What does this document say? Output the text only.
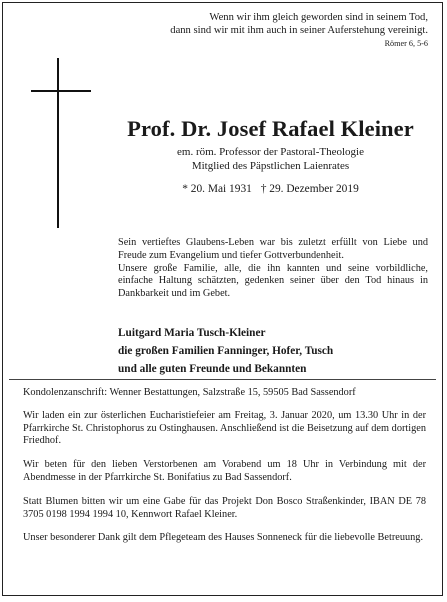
Wenn wir ihm gleich geworden sind in seinem Tod,
dann sind wir mit ihm auch in seiner Auferstehung vereinigt.
Römer 6, 5-6
Prof. Dr. Josef Rafael Kleiner
em. röm. Professor der Pastoral-Theologie
Mitglied des Päpstlichen Laienrates
* 20. Mai 1931 † 29. Dezember 2019

Sein vertieftes Glaubens-Leben war bis zuletzt erfüllt von Liebe und Freude zum Evangelium und tiefer Gottverbundenheit.

Unsere große Familie, alle, die ihn kannten und seine vorbildliche, einfache Haltung schätzten, gedenken seiner über den Tod hinaus in Dankbarkeit und im Gebet.

Luitgard Maria Tusch-Kleiner
die großen Familien Fanninger, Hofer, Tusch
und alle guten Freunde und Bekannten

Kondolenzanschrift: Wenner Bestattungen, Salzstraße 15, 59505 Bad Sassendorf

Wir laden ein zur österlichen Eucharistiefeier am Freitag, 3. Januar 2020, um 13.30 Uhr in der Pfarrkirche St. Christophorus zu Ostinghausen. Anschließend ist die Beisetzung auf dem dortigen Friedhof.

Wir beten für den lieben Verstorbenen am Vorabend um 18 Uhr in Verbindung mit der Abendmesse in der Pfarrkirche St. Bonifatius zu Bad Sassendorf.

Statt Blumen bitten wir um eine Gabe für das Projekt Don Bosco Straßenkinder, IBAN DE 78 3705 0198 1994 1994 10, Kennwort Rafael Kleiner.

Unser besonderer Dank gilt dem Pflegeteam des Hauses Sonneneck für die liebevolle Betreuung.
